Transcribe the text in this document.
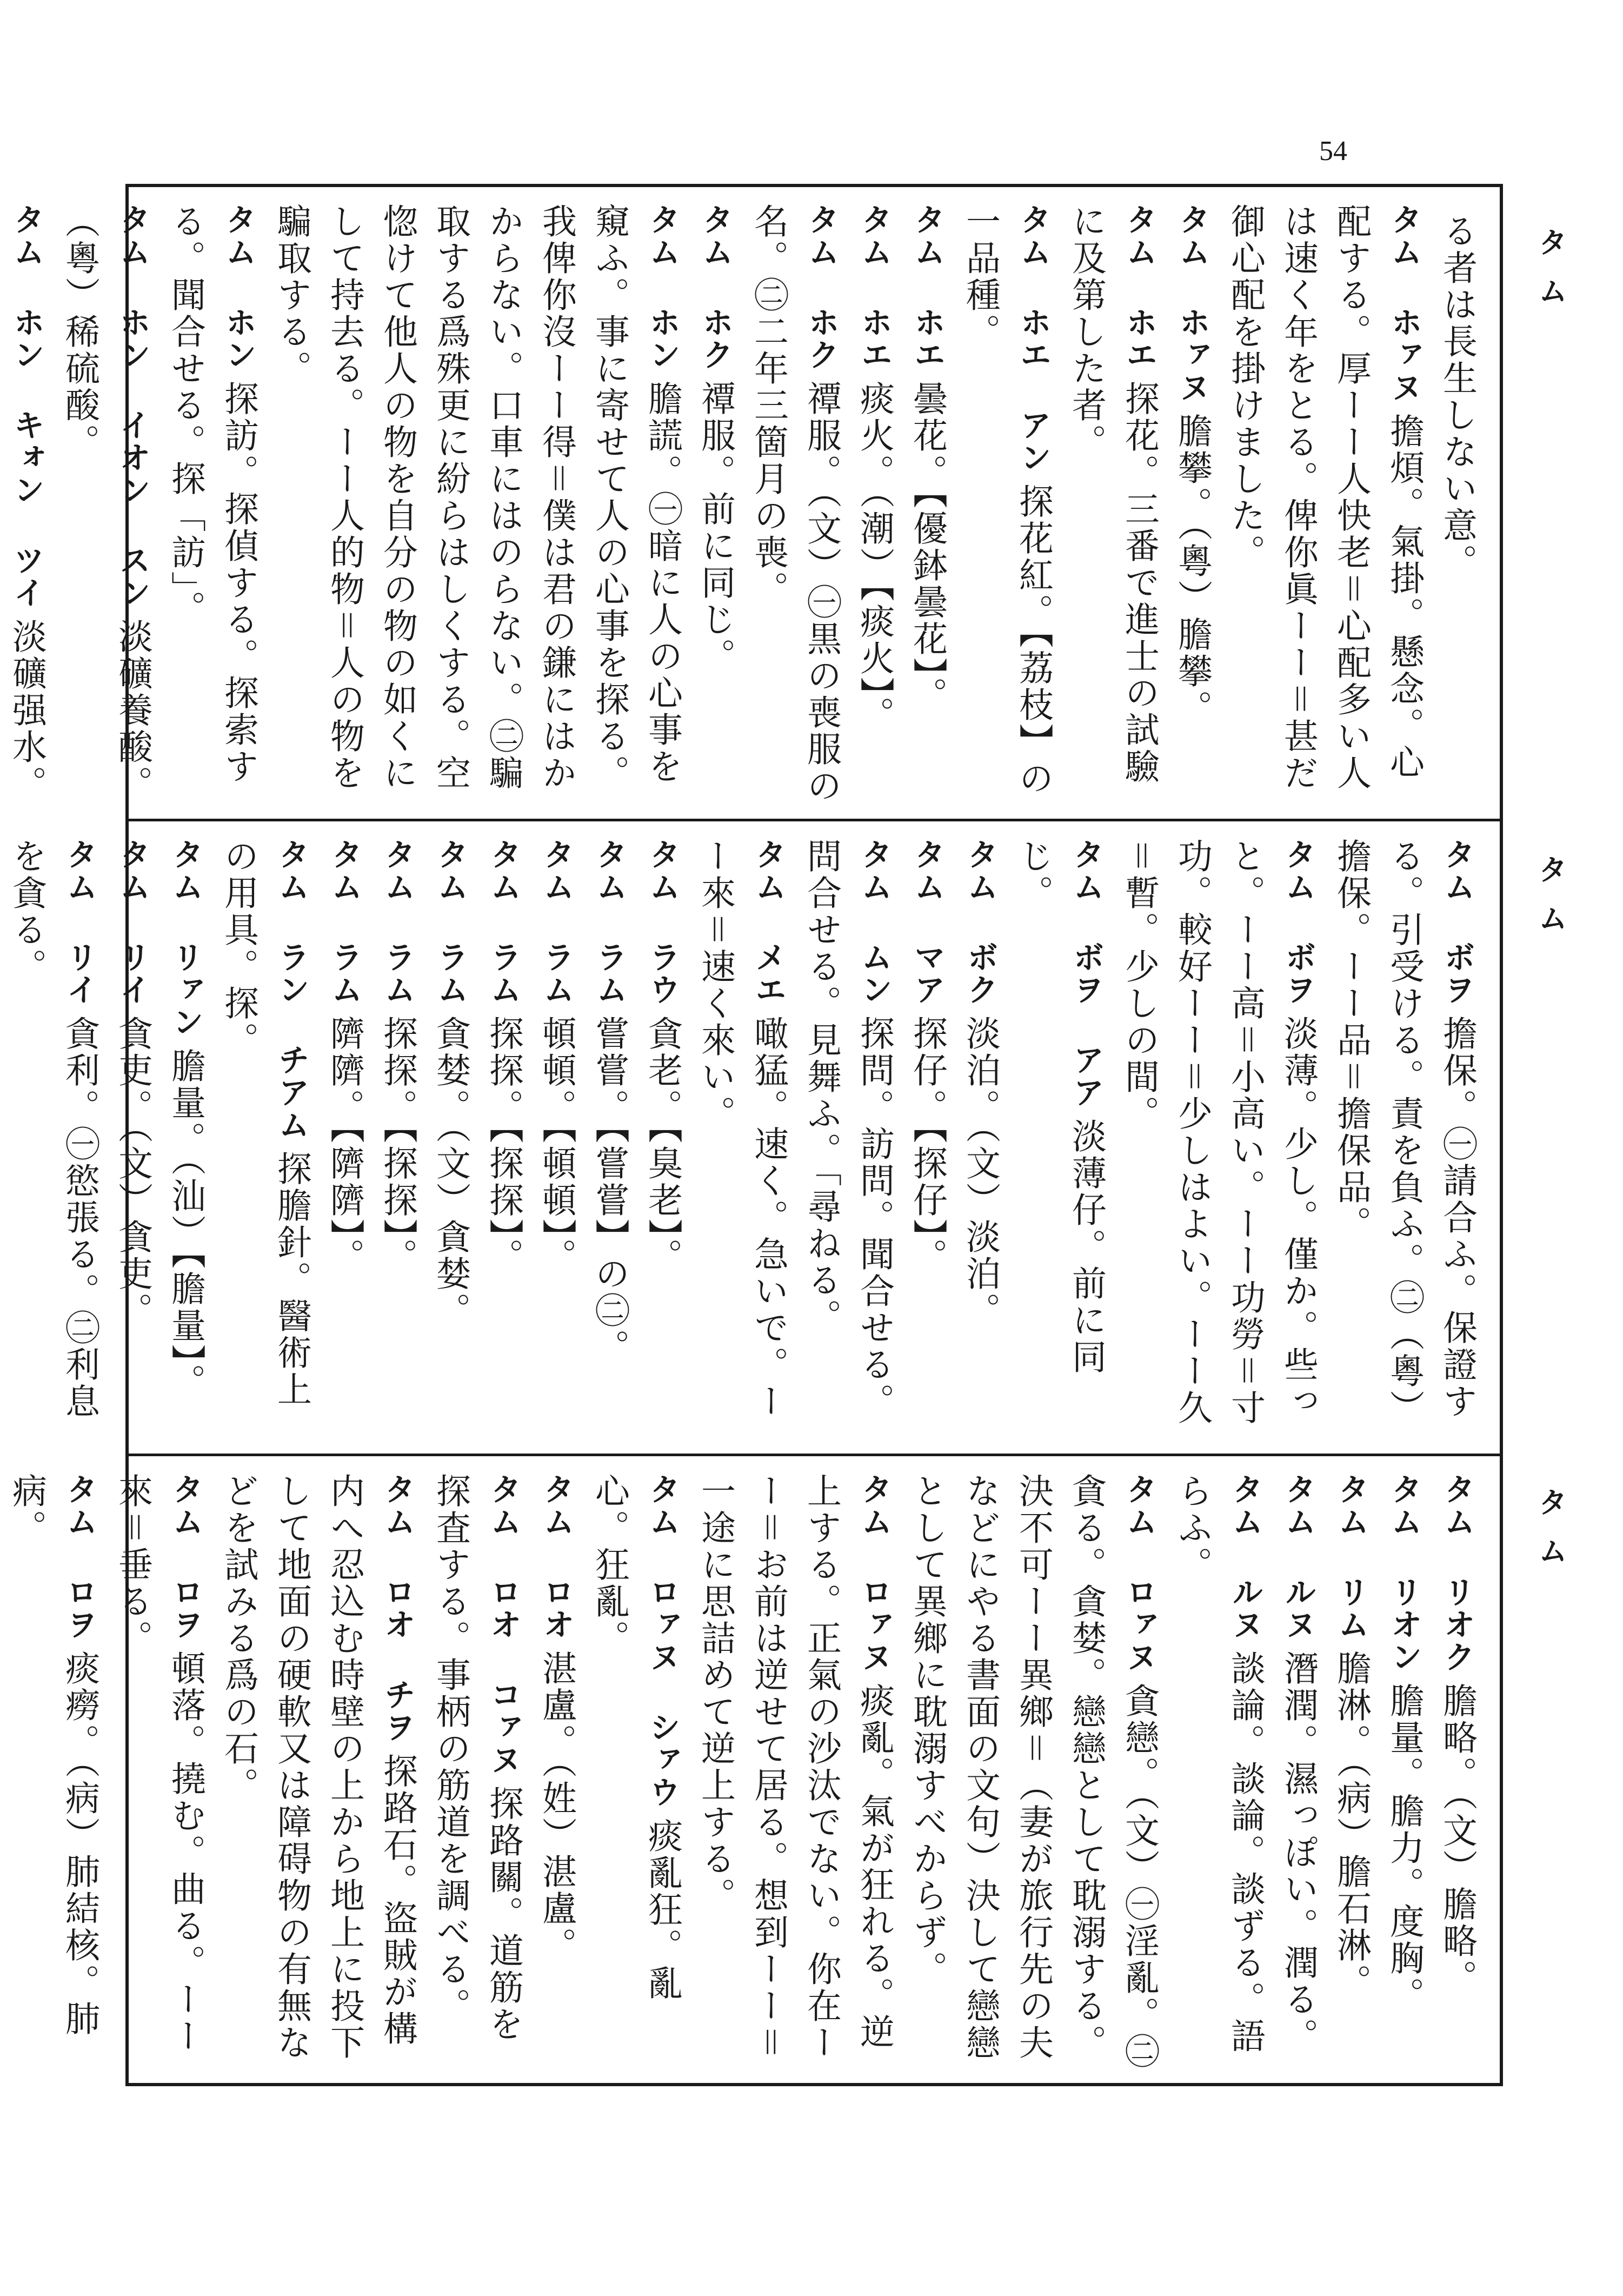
54
タム
タム
タム
る者は長生しない意。
タム ホァヌ擔煩。氣掛。懸念。心配する。厚ーー人快老＝心配多い人は速く年をとる。俾你眞ーー＝甚だ御心配を掛けました。
タム ホァヌ膽攀。（粵）膽攀。
タム ホエ探花。三番で進士の試驗に及第した者。
タム ホエ アン探花紅。【荔枝】の一品種。
タム ホエ曇花。【優鉢曇花】。
タム ホエ痰火。（潮）【痰火】。
タム ホク禫服。（文）㊀黒の喪服の名。㊁二年三箇月の喪。
タム ホク禫服。前に同じ。
タム ホン膽謊。㊀暗に人の心事を窺ふ。事に寄せて人の心事を探る。我俾你沒ーー得＝僕は君の鎌にはかからない。口車にはのらない。㊁騙取する爲殊更に紛らはしくする。空惚けて他人の物を自分の物の如くにして持去る。ーー人的物＝人の物を騙取する。
タム ホン探訪。探偵する。探索する。聞合せる。探「訪」。
タム ホン イオン スン淡礦養酸。（粵）稀硫酸。
タム ホン キォン ツイ淡礦强水。
タム ボヲ擔保。㊀請合ふ。保證する。引受ける。責を負ふ。㊁（粵）擔保。ーー品＝擔保品。
タム ボヲ淡薄。少し。僅か。些っと。ーー高＝小高い。ーー功勞＝寸功。較好ーー＝少しはよい。ーー久＝暫。少しの間。
タム ボヲ アア淡薄仔。前に同じ。
タム ボク淡泊。（文）淡泊。
タム マア探仔。【探仔】。
タム ムン探問。訪問。聞合せる。問合せる。見舞ふ。「尋ねる。
タム メエ噉猛。速く。急いで。ーー來＝速く來い。
タム ラウ貪老。【臭老】。
タム ラム嘗嘗。【嘗嘗】の㊁。
タム ラム頓頓。【頓頓】。
タム ラム探探。【探探】。
タム ラム貪婪。（文）貪婪。
タム ラム探探。【探探】。
タム ラム隮隮。【隮隮】。
タム ラン チアム探膽針。醫術上の用具。探。
タム リァン膽量。（汕）【膽量】。
タム リイ貪吏。（文）貪吏。
タム リイ貪利。㊀慾張る。㊁利息を貪る。
タム リオク膽略。（文）膽略。
タム リオン膽量。膽力。度胸。
タム リム膽淋。（病）膽石淋。
タム ルヌ潛潤。濕っぽい。潤る。
タム ルヌ談論。談論。談ずる。語らふ。
タム ロァヌ貪戀。（文）㊀淫亂。㊁貪る。貪婪。戀戀として耽溺する。決不可ーー異鄉＝（妻が旅行先の夫などにやる書面の文句）決して戀戀として異鄉に耽溺すべからず。
タム ロァヌ痰亂。氣が狂れる。逆上する。正氣の沙汰でない。你在ーー＝お前は逆せて居る。想到ーー＝一途に思詰めて逆上する。
タム ロァヌ シァウ痰亂狂。亂心。狂亂。
タム ロオ湛盧。（姓）湛盧。
タム ロオ コァヌ探路關。道筋を探査する。事柄の筋道を調べる。
タム ロオ チヲ探路石。盜賊が構内へ忍込む時壁の上から地上に投下して地面の硬軟又は障碍物の有無などを試みる爲の石。
タム ロヲ頓落。撓む。曲る。ーー來＝垂る。
タム ロヲ痰癆。（病）肺結核。肺病。
